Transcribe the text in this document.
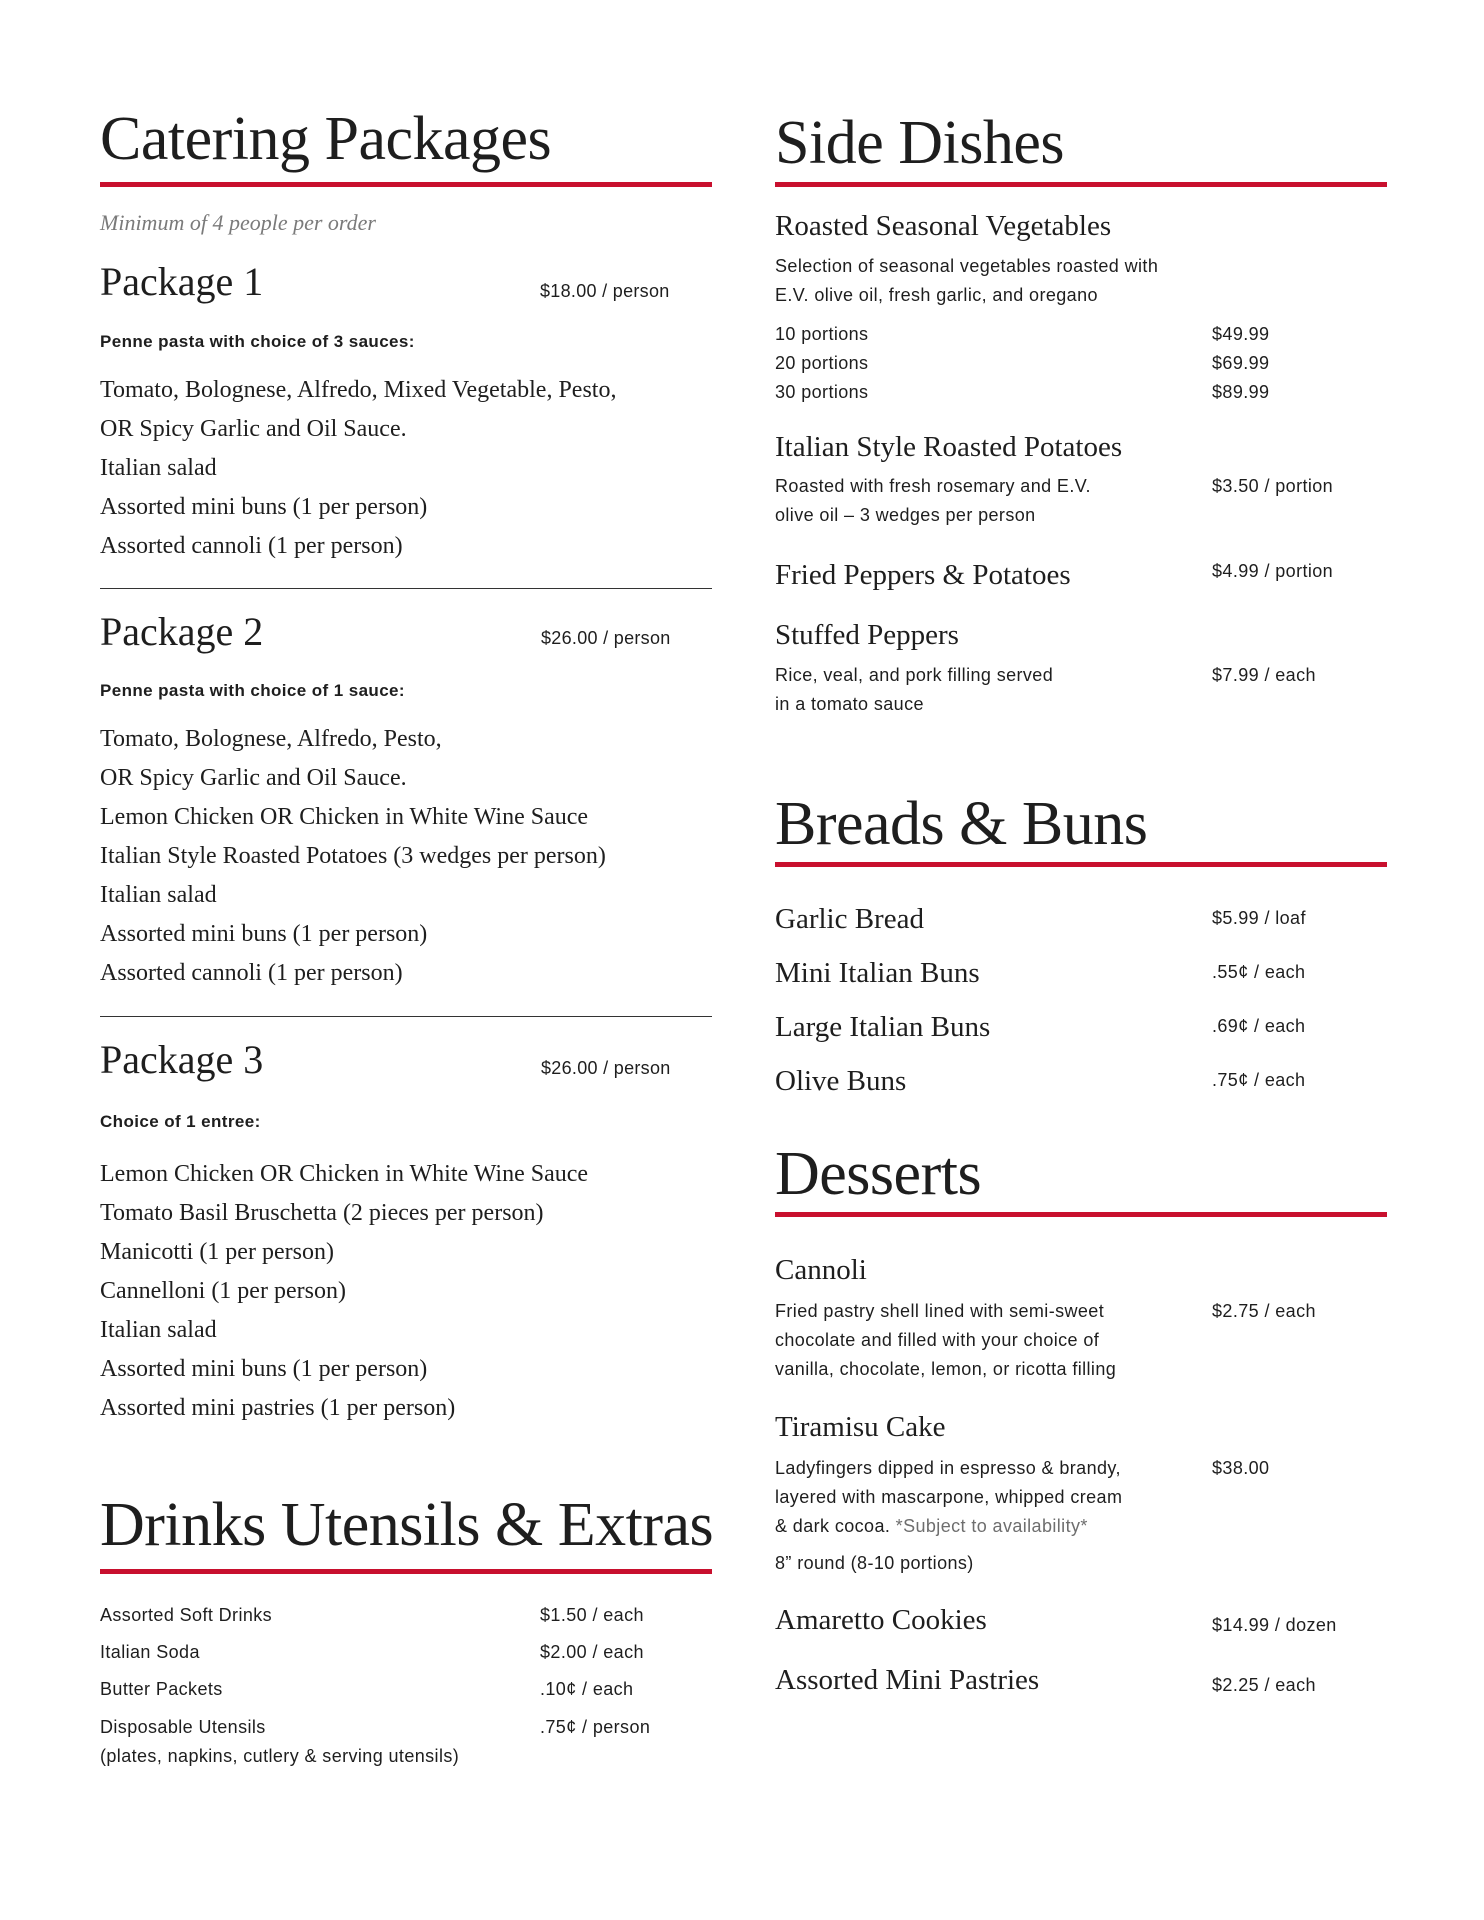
Catering Packages

Minimum of 4 people per order

Package 1	$18.00 / person

Penne pasta with choice of 3 sauces:

Tomato, Bolognese, Alfredo, Mixed Vegetable, Pesto,
OR Spicy Garlic and Oil Sauce.
Italian salad
Assorted mini buns (1 per person)
Assorted cannoli (1 per person)
Package 2	$26.00 / person

Penne pasta with choice of 1 sauce:

Tomato, Bolognese, Alfredo, Pesto,
OR Spicy Garlic and Oil Sauce.
Lemon Chicken OR Chicken in White Wine Sauce
Italian Style Roasted Potatoes (3 wedges per person)
Italian salad
Assorted mini buns (1 per person)
Assorted cannoli (1 per person)
Package 3	$26.00 / person

Choice of 1 entree:

Lemon Chicken OR Chicken in White Wine Sauce
Tomato Basil Bruschetta (2 pieces per person)
Manicotti (1 per person)
Cannelloni (1 per person)
Italian salad
Assorted mini buns (1 per person)
Assorted mini pastries (1 per person)
Drinks Utensils & Extras
Assorted Soft Drinks	$1.50 / each
Italian Soda	$2.00 / each
Butter Packets	.10¢ / each
Disposable Utensils	.75¢ / person
(plates, napkins, cutlery & serving utensils)
Side Dishes
Roasted Seasonal Vegetables
Selection of seasonal vegetables roasted with
E.V. olive oil, fresh garlic, and oregano
10 portions	$49.99
20 portions	$69.99
30 portions	$89.99
Italian Style Roasted Potatoes
Roasted with fresh rosemary and E.V.
olive oil – 3 wedges per person
$3.50 / portion
Fried Peppers & Potatoes	$4.99 / portion
Stuffed Peppers
Rice, veal, and pork filling served
in a tomato sauce
$7.99 / each
Breads & Buns
Garlic Bread	$5.99 / loaf
Mini Italian Buns	.55¢ / each
Large Italian Buns	.69¢ / each
Olive Buns	.75¢ / each
Desserts
Cannoli
Fried pastry shell lined with semi-sweet
chocolate and filled with your choice of
vanilla, chocolate, lemon, or ricotta filling
$2.75 / each
Tiramisu Cake
Ladyfingers dipped in espresso & brandy,
layered with mascarpone, whipped cream
& dark cocoa. *Subject to availability*
8” round (8-10 portions)
$38.00
Amaretto Cookies	$14.99 / dozen
Assorted Mini Pastries	$2.25 / each
